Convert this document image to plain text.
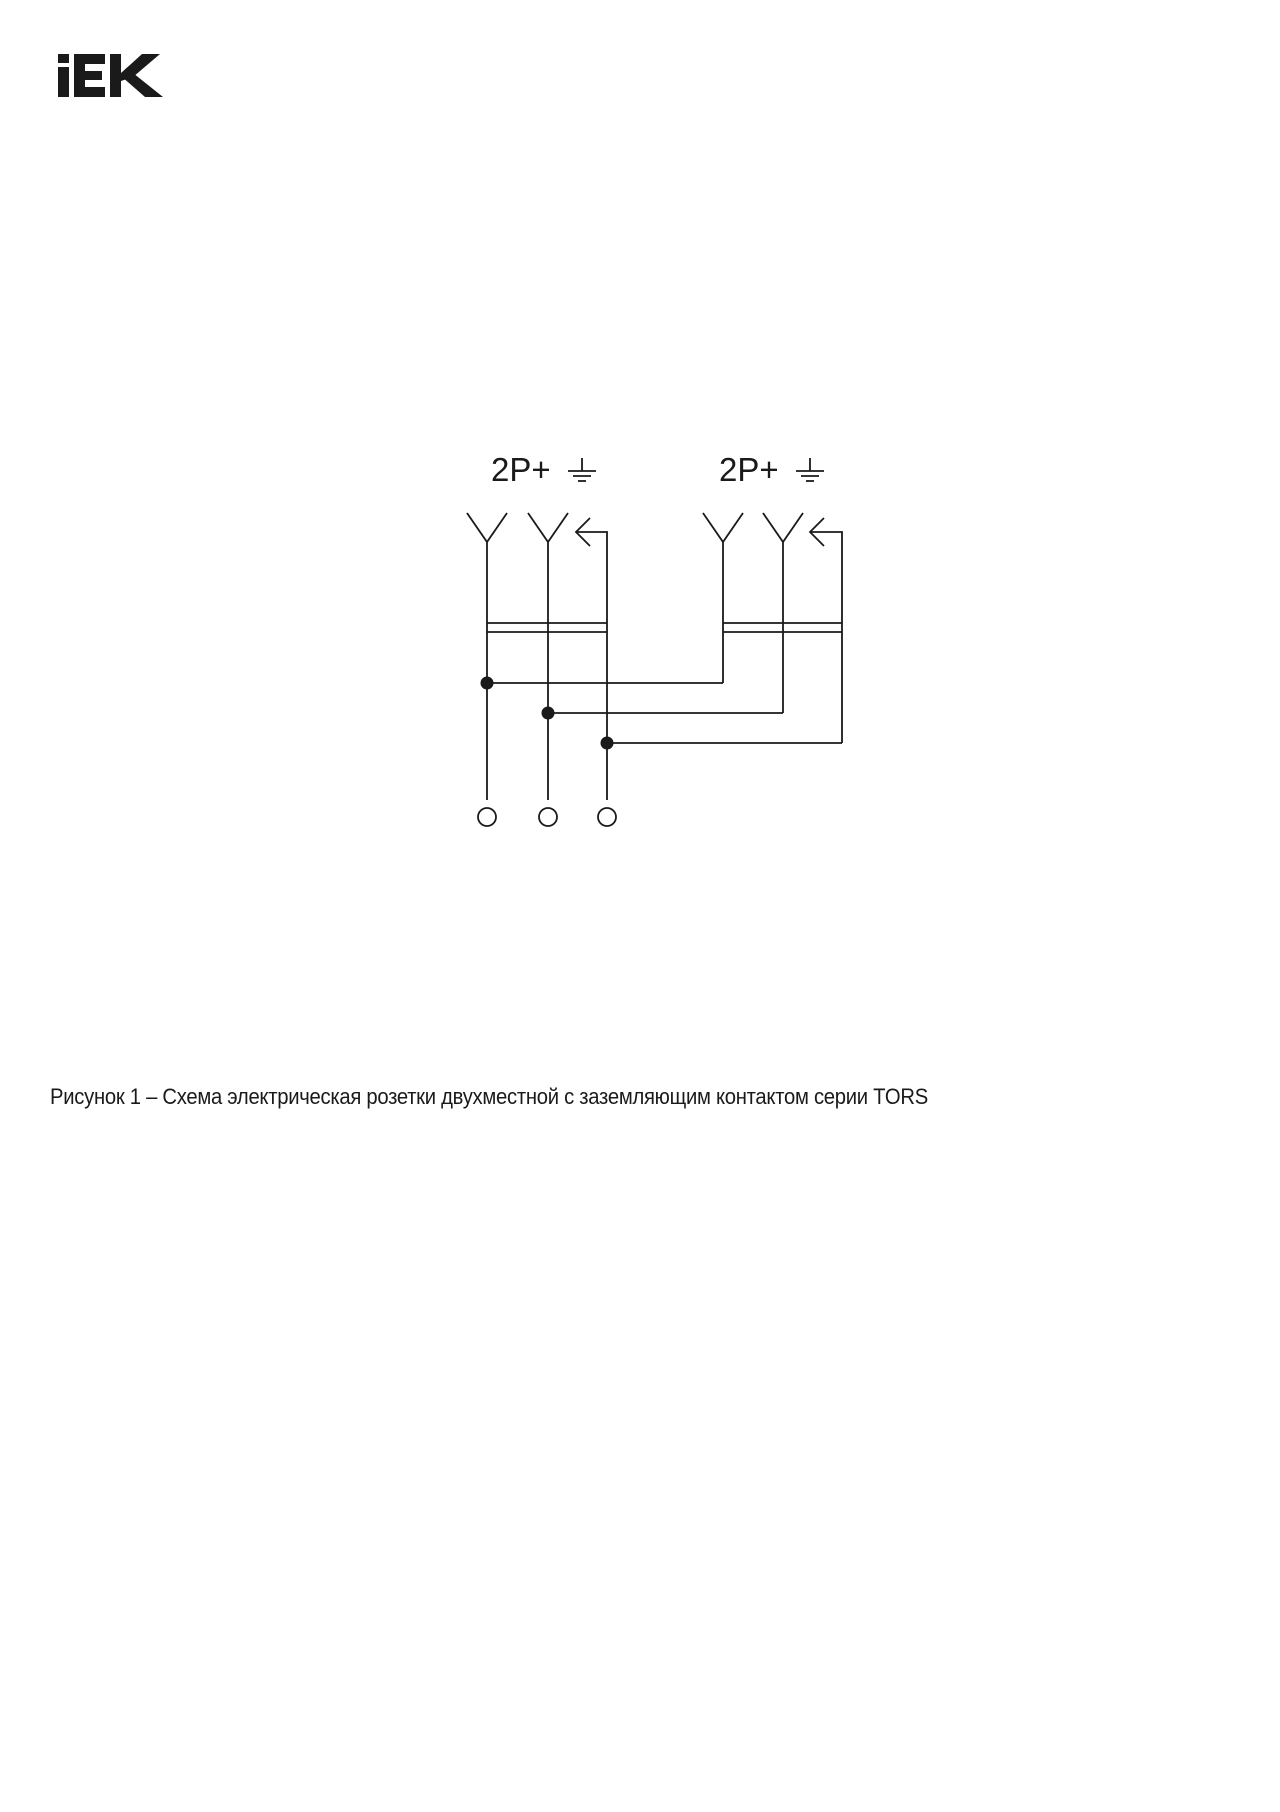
2P+	2P+
Рисунок 1 – Схема электрическая розетки двухместной с заземляющим контактом серии TORS
